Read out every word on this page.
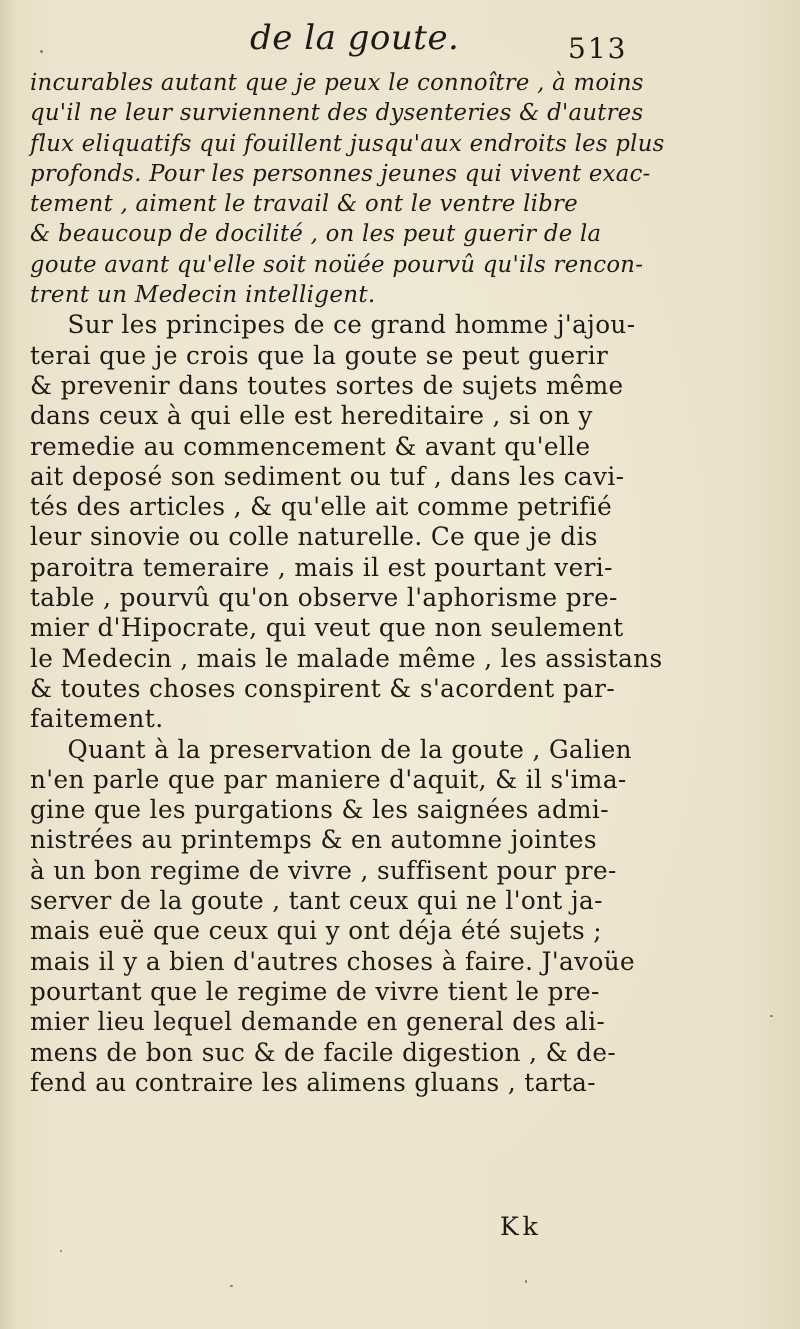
de la goute.	513
incurables autant que je peux le connoître , à moins
qu'il ne leur surviennent des dysenteries & d'autres
flux eliquatifs qui fouillent jusqu'aux endroits les plus
profonds. Pour les personnes jeunes qui vivent exac-
tement , aiment le travail & ont le ventre libre
& beaucoup de docilité , on les peut guerir de la
goute avant qu'elle soit noüée pourvû qu'ils rencon-
trent un Medecin intelligent.
Sur les principes de ce grand homme j'ajou-
terai que je crois que la goute se peut guerir
& prevenir dans toutes sortes de sujets même
dans ceux à qui elle est hereditaire , si on y
remedie au commencement & avant qu'elle
ait deposé son sediment ou tuf , dans les cavi-
tés des articles , & qu'elle ait comme petrifié
leur sinovie ou colle naturelle. Ce que je dis
paroitra temeraire , mais il est pourtant veri-
table , pourvû qu'on observe l'aphorisme pre-
mier d'Hipocrate, qui veut que non seulement
le Medecin , mais le malade même , les assistans
& toutes choses conspirent & s'acordent par-
faitement.
Quant à la preservation de la goute , Galien
n'en parle que par maniere d'aquit, & il s'ima-
gine que les purgations & les saignées admi-
nistrées au printemps & en automne jointes
à un bon regime de vivre , suffisent pour pre-
server de la goute , tant ceux qui ne l'ont ja-
mais euë que ceux qui y ont déja été sujets ;
mais il y a bien d'autres choses à faire. J'avoüe
pourtant que le regime de vivre tient le pre-
mier lieu lequel demande en general des ali-
mens de bon suc & de facile digestion , & de-
fend au contraire les alimens gluans , tarta-
Kk
